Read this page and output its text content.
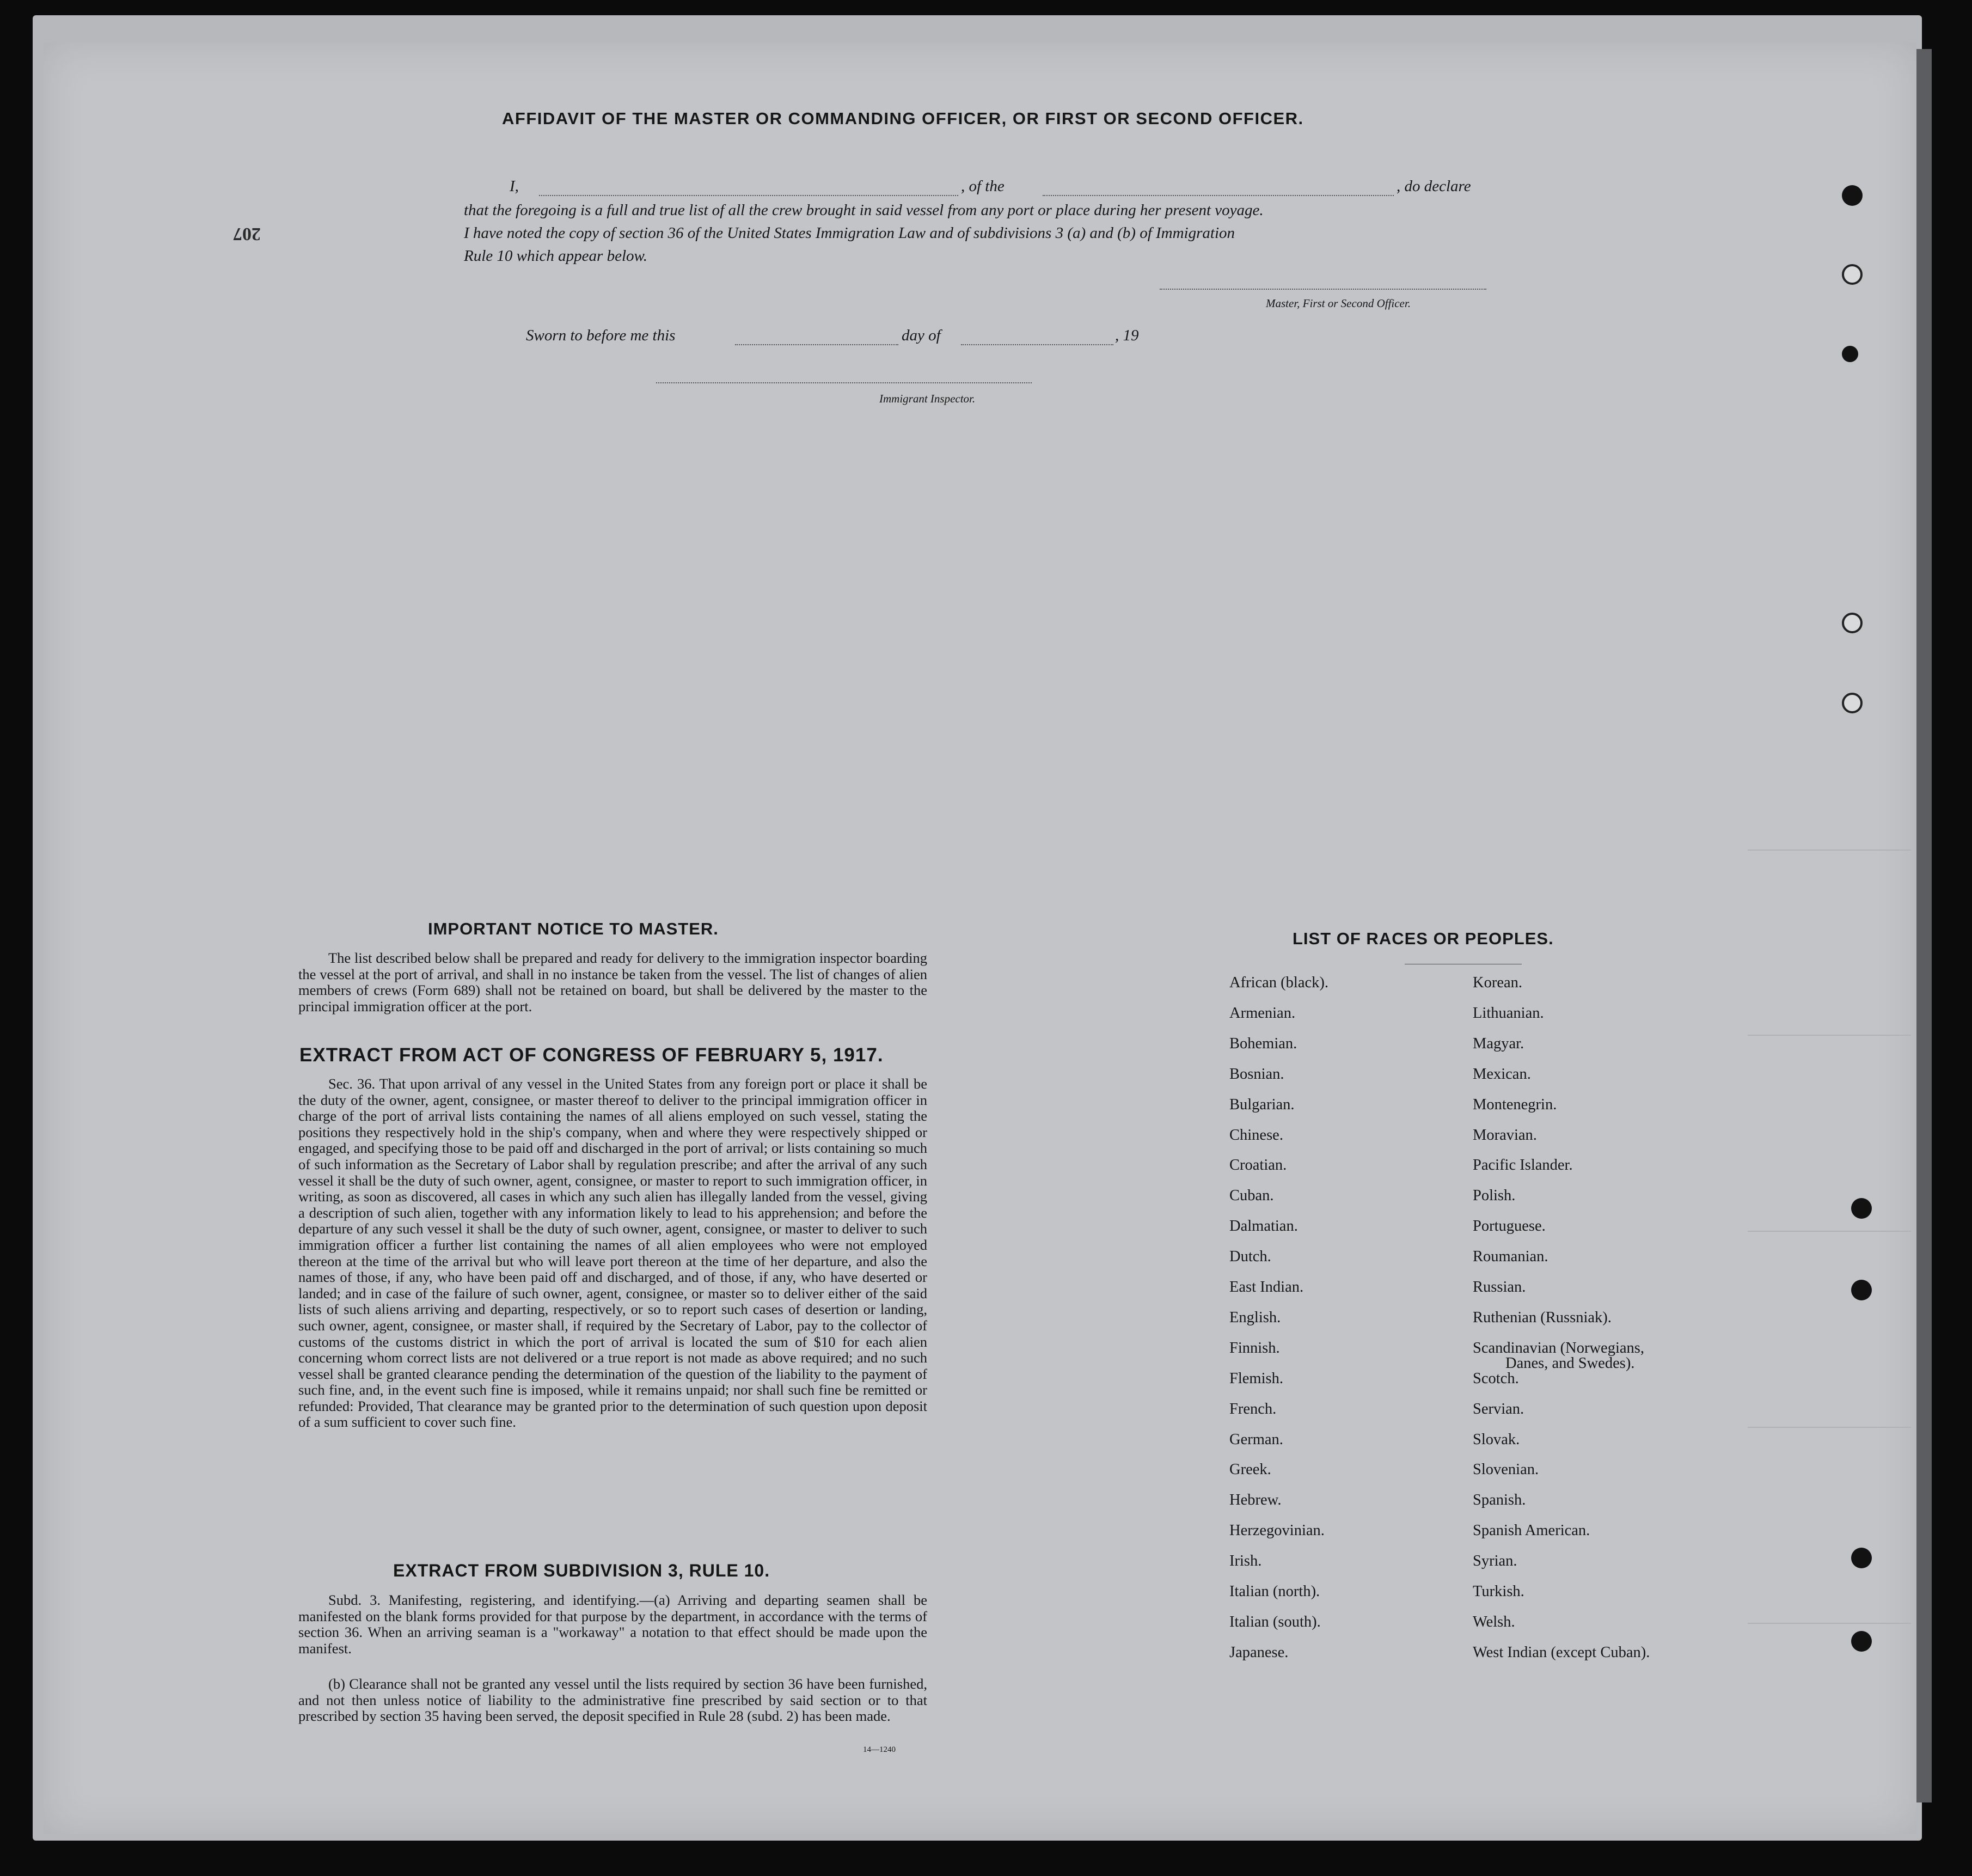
207
AFFIDAVIT OF THE MASTER OR COMMANDING OFFICER, OR FIRST OR SECOND OFFICER.
I,	, of the	, do declare
that the foregoing is a full and true list of all the crew brought in said vessel from any port or place during her present voyage.
I have noted the copy of section 36 of the United States Immigration Law and of subdivisions 3 (a) and (b) of Immigration
Rule 10 which appear below.
Master, First or Second Officer.
Sworn to before me this	day of	, 19
Immigrant Inspector.
IMPORTANT NOTICE TO MASTER.

The list described below shall be prepared and ready for delivery to the immigration inspector boarding the vessel at the port of arrival, and shall in no instance be taken from the vessel. The list of changes of alien members of crews (Form 689) shall not be retained on board, but shall be delivered by the master to the principal immigration officer at the port.

EXTRACT FROM ACT OF CONGRESS OF FEBRUARY 5, 1917.

Sec. 36. That upon arrival of any vessel in the United States from any foreign port or place it shall be the duty of the owner, agent, consignee, or master thereof to deliver to the principal immigration officer in charge of the port of arrival lists containing the names of all aliens employed on such vessel, stating the positions they respectively hold in the ship's company, when and where they were respectively shipped or engaged, and specifying those to be paid off and discharged in the port of arrival; or lists containing so much of such information as the Secretary of Labor shall by regulation prescribe; and after the arrival of any such vessel it shall be the duty of such owner, agent, consignee, or master to report to such immigration officer, in writing, as soon as discovered, all cases in which any such alien has illegally landed from the vessel, giving a description of such alien, together with any information likely to lead to his apprehension; and before the departure of any such vessel it shall be the duty of such owner, agent, consignee, or master to deliver to such immigration officer a further list containing the names of all alien employees who were not employed thereon at the time of the arrival but who will leave port thereon at the time of her departure, and also the names of those, if any, who have been paid off and discharged, and of those, if any, who have deserted or landed; and in case of the failure of such owner, agent, consignee, or master so to deliver either of the said lists of such aliens arriving and departing, respectively, or so to report such cases of desertion or landing, such owner, agent, consignee, or master shall, if required by the Secretary of Labor, pay to the collector of customs of the customs district in which the port of arrival is located the sum of $10 for each alien concerning whom correct lists are not delivered or a true report is not made as above required; and no such vessel shall be granted clearance pending the determination of the question of the liability to the payment of such fine, and, in the event such fine is imposed, while it remains unpaid; nor shall such fine be remitted or refunded: Provided, That clearance may be granted prior to the determination of such question upon deposit of a sum sufficient to cover such fine.

EXTRACT FROM SUBDIVISION 3, RULE 10.

Subd. 3. Manifesting, registering, and identifying.—(a) Arriving and departing seamen shall be manifested on the blank forms provided for that purpose by the department, in accordance with the terms of section 36. When an arriving seaman is a "workaway" a notation to that effect should be made upon the manifest.

(b) Clearance shall not be granted any vessel until the lists required by section 36 have been furnished, and not then unless notice of liability to the administrative fine prescribed by said section or to that prescribed by section 35 having been served, the deposit specified in Rule 28 (subd. 2) has been made.

14—1240
LIST OF RACES OR PEOPLES.
African (black).
Armenian.
Bohemian.
Bosnian.
Bulgarian.
Chinese.
Croatian.
Cuban.
Dalmatian.
Dutch.
East Indian.
English.
Finnish.
Flemish.
French.
German.
Greek.
Hebrew.
Herzegovinian.
Irish.
Italian (north).
Italian (south).
Japanese.
Korean.
Lithuanian.
Magyar.
Mexican.
Montenegrin.
Moravian.
Pacific Islander.
Polish.
Portuguese.
Roumanian.
Russian.
Ruthenian (Russniak).
Scandinavian (Norwegians,
Danes, and Swedes).
Scotch.
Servian.
Slovak.
Slovenian.
Spanish.
Spanish American.
Syrian.
Turkish.
Welsh.
West Indian (except Cuban).
